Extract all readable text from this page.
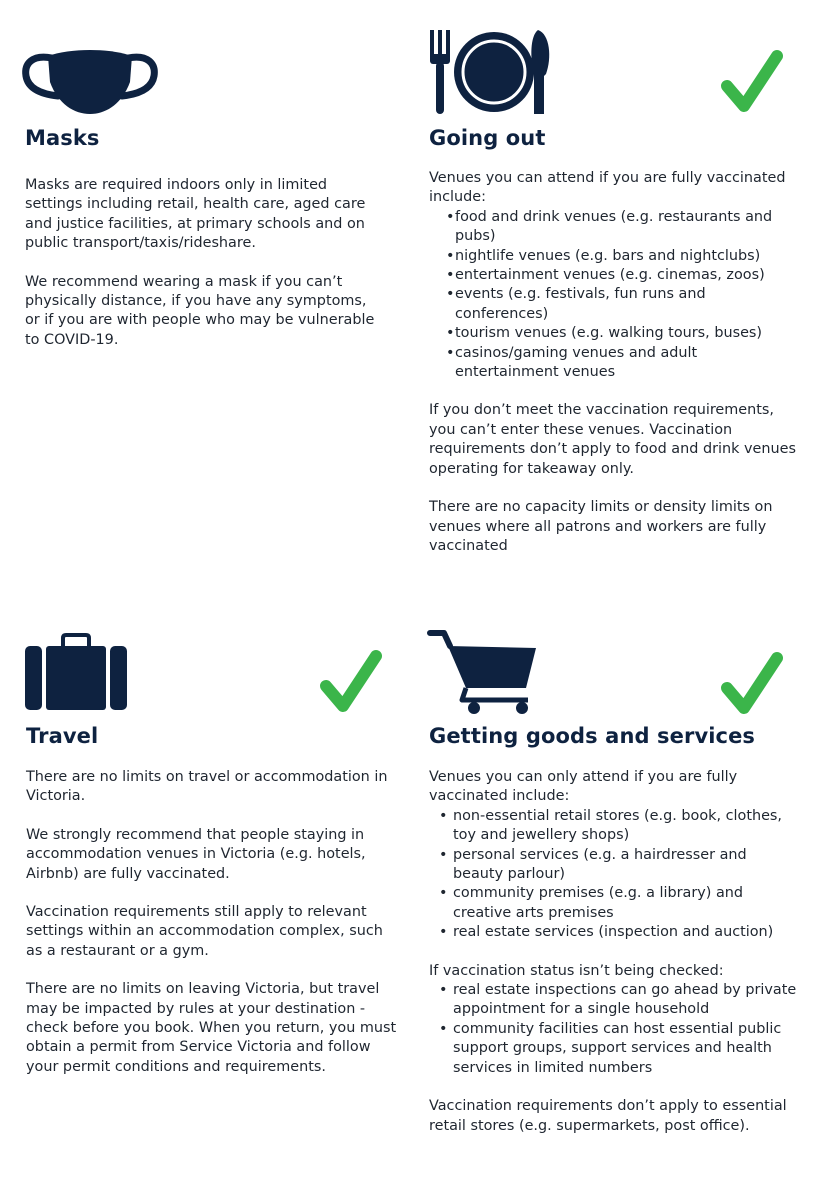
Masks

Masks are required indoors only in limited settings including retail, health care, aged care and justice facilities, at primary schools and on public transport/taxis/rideshare.

We recommend wearing a mask if you can’t physically distance, if you have any symptoms, or if you are with people who may be vulnerable to COVID-19.

Going out
Venues you can attend if you are fully vaccinated include:
• food and drink venues (e.g. restaurants and pubs)
• nightlife venues (e.g. bars and nightclubs)
• entertainment venues (e.g. cinemas, zoos)
• events (e.g. festivals, fun runs and conferences)
• tourism venues (e.g. walking tours, buses)
• casinos/gaming venues and adult entertainment venues

If you don’t meet the vaccination requirements, you can’t enter these venues. Vaccination requirements don’t apply to food and drink venues operating for takeaway only.

There are no capacity limits or density limits on venues where all patrons and workers are fully vaccinated

Travel

There are no limits on travel or accommodation in Victoria.

We strongly recommend that people staying in accommodation venues in Victoria (e.g. hotels, Airbnb) are fully vaccinated.

Vaccination requirements still apply to relevant settings within an accommodation complex, such as a restaurant or a gym.

There are no limits on leaving Victoria, but travel may be impacted by rules at your destination - check before you book. When you return, you must obtain a permit from Service Victoria and follow your permit conditions and requirements.

Getting goods and services
Venues you can only attend if you are fully vaccinated include:
• non-essential retail stores (e.g. book, clothes, toy and jewellery shops)
• personal services (e.g. a hairdresser and beauty parlour)
• community premises (e.g. a library) and creative arts premises
• real estate services (inspection and auction)
If vaccination status isn’t being checked:
• real estate inspections can go ahead by private appointment for a single household
• community facilities can host essential public support groups, support services and health services in limited numbers

Vaccination requirements don’t apply to essential retail stores (e.g. supermarkets, post office).
